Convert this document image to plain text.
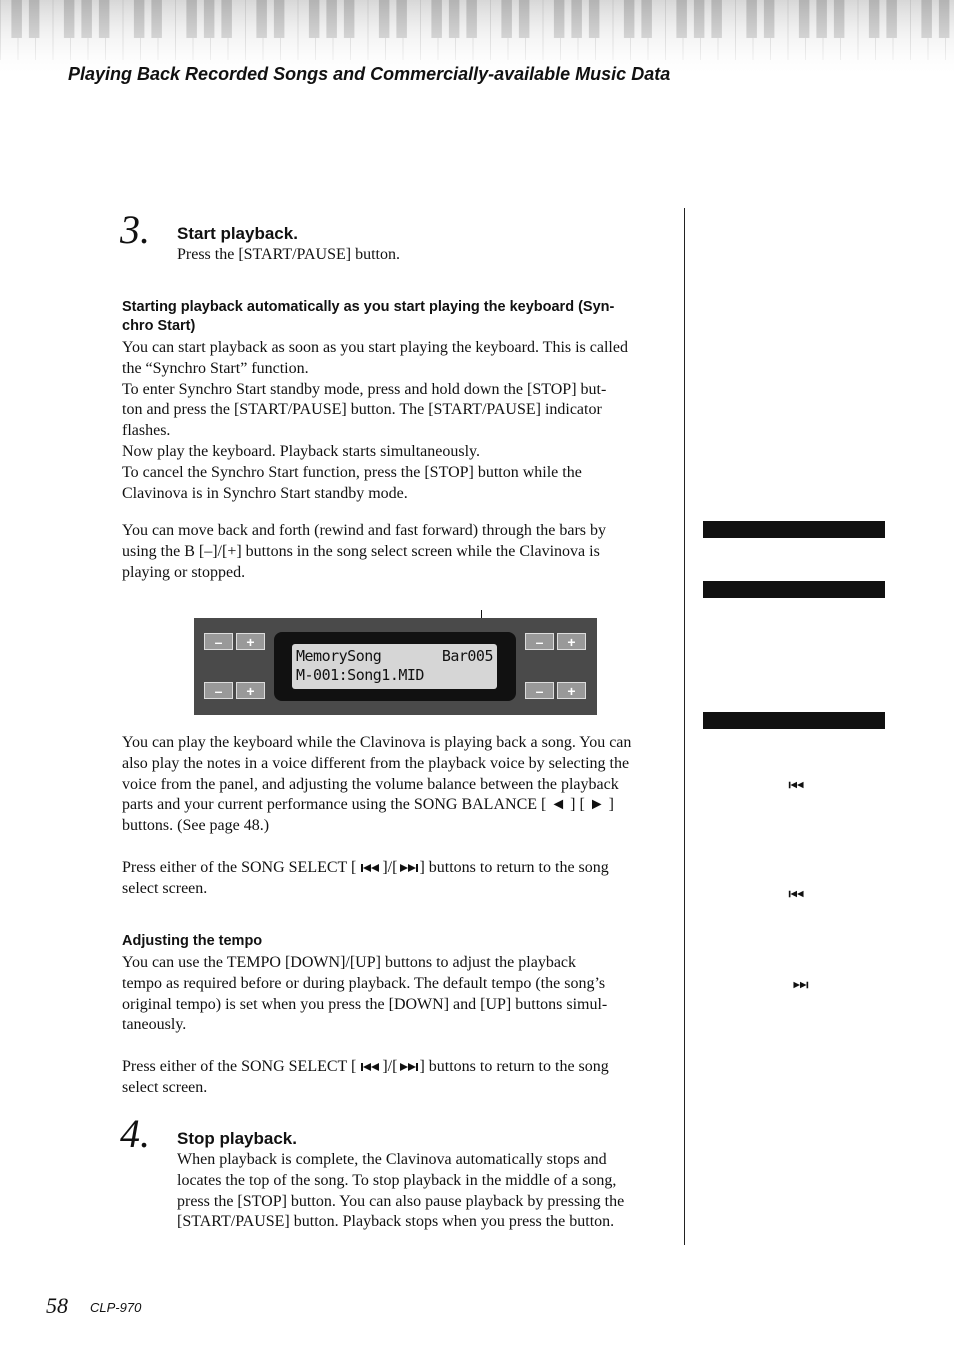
Playing Back Recorded Songs and Commercially-available Music Data
3. Start playback.
Press the [START/PAUSE] button.
Starting playback automatically as you start playing the keyboard (Syn-
chro Start)
You can start playback as soon as you start playing the keyboard. This is called
the “Synchro Start” function.
To enter Synchro Start standby mode, press and hold down the [STOP] but-
ton and press the [START/PAUSE] button. The [START/PAUSE] indicator
flashes.
Now play the keyboard. Playback starts simultaneously.
To cancel the Synchro Start function, press the [STOP] button while the
Clavinova is in Synchro Start standby mode.
You can move back and forth (rewind and fast forward) through the bars by
using the B [–]/[+] buttons in the song select screen while the Clavinova is
playing or stopped.
–	+
–	+
–	+
–	+
MemorySong	Bar005
M-001:Song1.MID
You can play the keyboard while the Clavinova is playing back a song. You can
also play the notes in a voice different from the playback voice by selecting the
voice from the panel, and adjusting the volume balance between the playback
parts and your current performance using the SONG BALANCE [ ◄ ] [ ► ]
buttons. (See page 48.)
Press either of the SONG SELECT [ ]/[ ] buttons to return to the song
select screen.
Adjusting the tempo
You can use the TEMPO [DOWN]/[UP] buttons to adjust the playback
tempo as required before or during playback. The default tempo (the song’s
original tempo) is set when you press the [DOWN] and [UP] buttons simul-
taneously.
Press either of the SONG SELECT [ ]/[ ] buttons to return to the song
select screen.
4. Stop playback.
When playback is complete, the Clavinova automatically stops and
locates the top of the song. To stop playback in the middle of a song,
press the [STOP] button. You can also pause playback by pressing the
[START/PAUSE] button. Playback stops when you press the button.
58 CLP-970
